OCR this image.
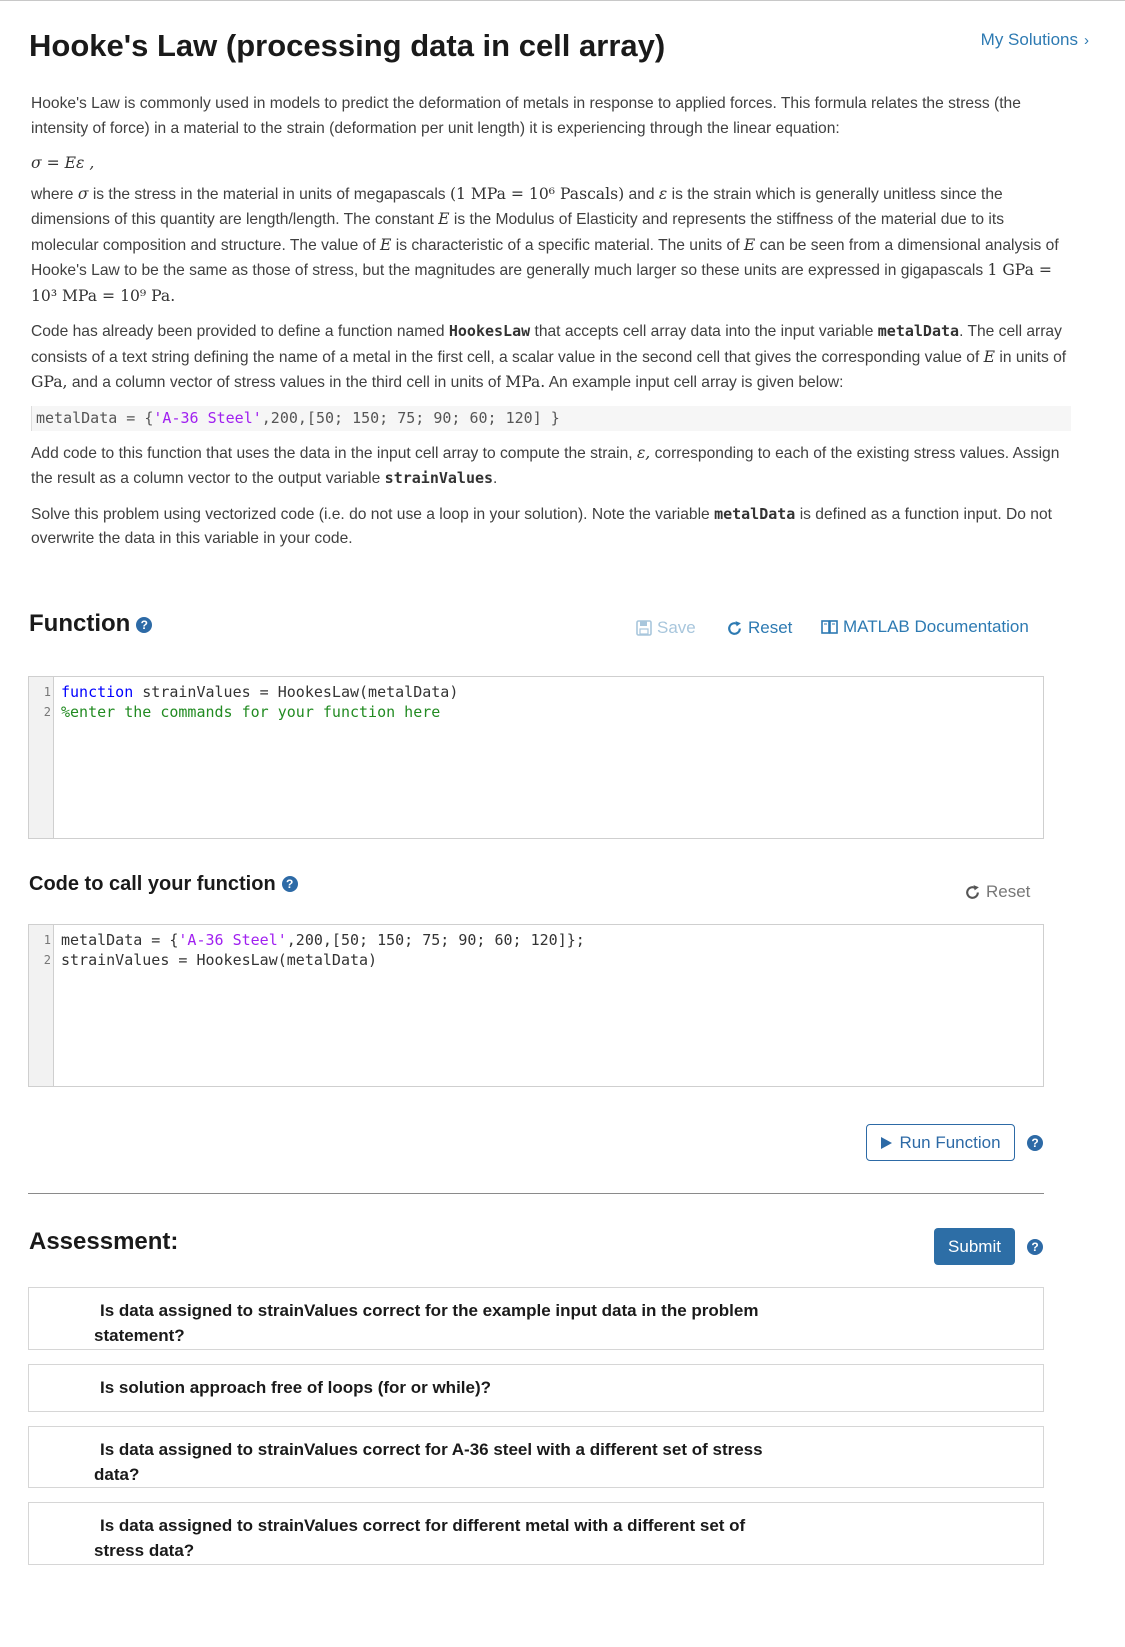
Hooke's Law (processing data in cell array)	My Solutions ›

Hooke's Law is commonly used in models to predict the deformation of metals in response to applied forces. This formula relates the stress (the intensity of force) in a material to the strain (deformation per unit length) it is experiencing through the linear equation:

σ = Eε ,

where σ is the stress in the material in units of megapascals (1 MPa = 10⁶ Pascals) and ε is the strain which is generally unitless since the dimensions of this quantity are length/length. The constant E is the Modulus of Elasticity and represents the stiffness of the material due to its molecular composition and structure. The value of E is characteristic of a specific material. The units of E can be seen from a dimensional analysis of Hooke's Law to be the same as those of stress, but the magnitudes are generally much larger so these units are expressed in gigapascals 1 GPa = 10³ MPa = 10⁹ Pa.

Code has already been provided to define a function named HookesLaw that accepts cell array data into the input variable metalData. The cell array consists of a text string defining the name of a metal in the first cell, a scalar value in the second cell that gives the corresponding value of E in units of GPa, and a column vector of stress values in the third cell in units of MPa. An example input cell array is given below:

metalData = {'A-36 Steel',200,[50; 150; 75; 90; 60; 120] }

Add code to this function that uses the data in the input cell array to compute the strain, ε, corresponding to each of the existing stress values. Assign the result as a column vector to the output variable strainValues.

Solve this problem using vectorized code (i.e. do not use a loop in your solution). Note the variable metalData is defined as a function input. Do not overwrite the data in this variable in your code.

Function ?	Save	Reset	MATLAB Documentation
1 function strainValues = HookesLaw(metalData)
2 %enter the commands for your function here
Code to call your function ?	Reset
1 metalData = {'A-36 Steel',200,[50; 150; 75; 90; 60; 120]};
2 strainValues = HookesLaw(metalData)
Run Function	?
Assessment:	Submit	?
Is data assigned to strainValues correct for the example input data in the problem statement?
Is solution approach free of loops (for or while)?
Is data assigned to strainValues correct for A-36 steel with a different set of stress data?
Is data assigned to strainValues correct for different metal with a different set of stress data?
